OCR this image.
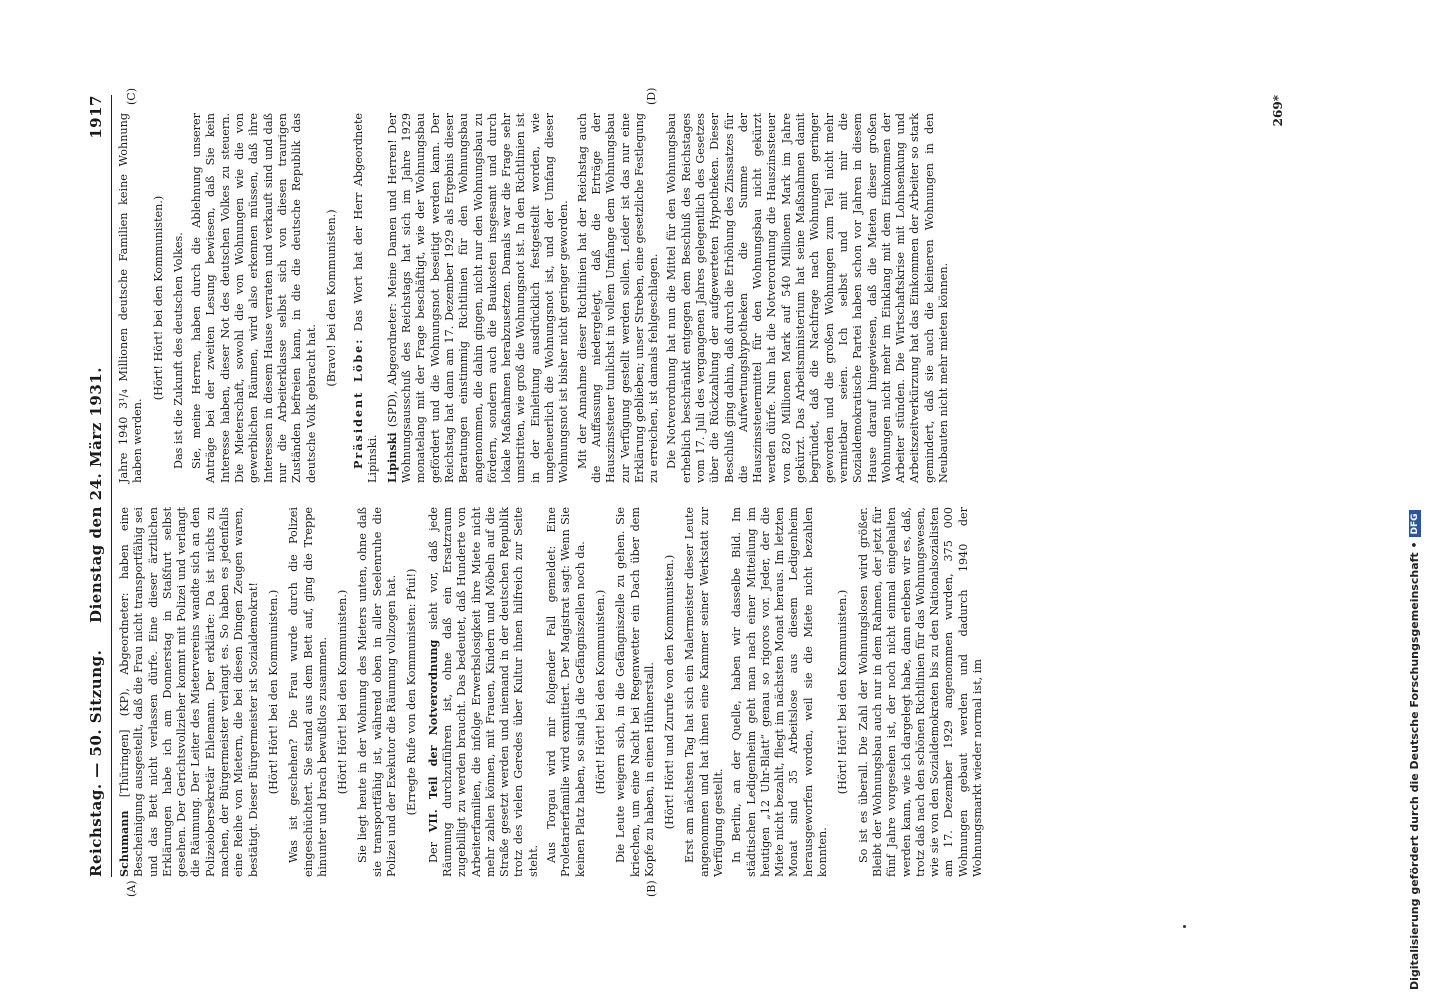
Reichstag. — 50. Sitzung.
Dienstag den 24. März 1931.
1917
(A)	(B)
(C)	(D)

Schumann [Thüringen] (KP), Abgeordneter: haben eine Bescheinigung ausgestellt, daß die Frau nicht transportfähig sei und das Bett nicht verlassen dürfe. Eine dieser ärztlichen Erklärungen habe ich am Donnerstag in Staßfurt selbst gesehen. Der Gerichtsvollzieher kommt mit Polizei und verlangt die Räumung. Der Leiter des Mietervereins wandte sich an den Polizeiobersekretär Ehlemann. Der erklärte: Da ist nichts zu machen, der Bürgermeister verlangt es. So haben es jedenfalls eine Reihe von Mietern, die bei diesen Dingen Zeugen waren, bestätigt. Dieser Bürgermeister ist Sozialdemokrat! (Hört! Hört! bei den Kommunisten.) Was ist geschehen? Die Frau wurde durch die Polizei eingeschüchtert. Sie stand aus dem Bett auf, ging die Treppe hinunter und brach bewußtlos zusammen. (Hört! Hört! bei den Kommunisten.) Sie liegt heute in der Wohnung des Mieters unten, ohne daß sie transportfähig ist, während oben in aller Seelenruhe die Polizei und der Exekutor die Räumung vollzogen hat. (Erregte Rufe von den Kommunisten: Pfui!)

Der VII. Teil der Notverordnung sieht vor, daß jede Räumung durchzuführen ist, ohne daß ein Ersatzraum zugebilligt zu werden braucht. Das bedeutet, daß Hunderte von Arbeiterfamilien, die infolge Erwerbslosigkeit ihre Miete nicht mehr zahlen können, mit Frauen, Kindern und Möbeln auf die Straße gesetzt werden und niemand in der deutschen Republik trotz des vielen Geredes über Kultur ihnen hilfreich zur Seite steht. Aus Torgau wird mir folgender Fall gemeldet: Eine Proletarierfamilie wird exmittiert. Der Magistrat sagt: Wenn Sie keinen Platz haben, so sind ja die Gefängniszellen noch da. (Hört! Hört! bei den Kommunisten.) Die Leute weigern sich, in die Gefängniszelle zu gehen. Sie kriechen, um eine Nacht bei Regenwetter ein Dach über dem Kopfe zu haben, in einen Hühnerstall. (Hört! Hört! und Zurufe von den Kommunisten.) Erst am nächsten Tag hat sich ein Malermeister dieser Leute angenommen und hat ihnen eine Kammer seiner Werkstatt zur Verfügung gestellt. In Berlin, an der Quelle, haben wir dasselbe Bild. Im städtischen Ledigenheim geht man nach einer Mitteilung im heutigen „12 Uhr-Blatt“ genau so rigoros vor. Jeder, der die Miete nicht bezahlt, fliegt im nächsten Monat heraus. Im letzten Monat sind 35 Arbeitslose aus diesem Ledigenheim herausgeworfen worden, weil sie die Miete nicht bezahlen konnten.

(Hört! Hört! bei den Kommunisten.) So ist es überall. Die Zahl der Wohnungslosen wird größer. Bleibt der Wohnungsbau auch nur in dem Rahmen, der jetzt für fünf Jahre vorgesehen ist, der noch nicht einmal eingehalten werden kann, wie ich dargelegt habe, dann erleben wir es, daß, trotz daß nach den schönen Richtlinien für das Wohnungswesen, wie sie von den Sozialdemokraten bis zu den Nationalsozialisten am 17. Dezember 1929 angenommen wurden, 375 000 Wohnungen gebaut werden und dadurch 1940 der Wohnungsmarkt wieder normal ist, im

Jahre 1940 3¹/₄ Millionen deutsche Familien keine Wohnung haben werden.

(Hört! Hört! bei den Kommunisten.) Das ist die Zukunft des deutschen Volkes. Sie, meine Herren, haben durch die Ablehnung unserer Anträge bei der zweiten Lesung bewiesen, daß Sie kein Interesse haben, dieser Not des deutschen Volkes zu steuern. Die Mieterschaft, sowohl die von Wohnungen wie die von gewerblichen Räumen, wird also erkennen müssen, daß ihre Interessen in diesem Hause verraten und verkauft sind und daß nur die Arbeiterklasse selbst sich von diesen traurigen Zuständen befreien kann, in die die deutsche Republik das deutsche Volk gebracht hat.

(Bravo! bei den Kommunisten.)

Präsident Löbe: Das Wort hat der Herr Abgeordnete Lipinski. Lipinski (SPD), Abgeordneter: Meine Damen und Herren! Der Wohnungsausschuß des Reichstags hat sich im Jahre 1929 monatelang mit der Frage beschäftigt, wie der Wohnungsbau gefördert und die Wohnungsnot beseitigt werden kann. Der Reichstag hat dann am 17. Dezember 1929 als Ergebnis dieser Beratungen einstimmig Richtlinien für den Wohnungsbau angenommen, die dahin gingen, nicht nur den Wohnungsbau zu fördern, sondern auch die Baukosten insgesamt und durch lokale Maßnahmen herabzusetzen. Damals war die Frage sehr umstritten, wie groß die Wohnungsnot ist. In den Richtlinien ist in der Einleitung ausdrücklich festgestellt worden, wie ungeheuerlich die Wohnungsnot ist, und der Umfang dieser Wohnungsnot ist bisher nicht geringer geworden. Mit der Annahme dieser Richtlinien hat der Reichstag auch die Auffassung niedergelegt, daß die Erträge der Hauszinssteuer tunlichst in vollem Umfange dem Wohnungsbau zur Verfügung gestellt werden sollen. Leider ist das nur eine Erklärung geblieben; unser Streben, eine gesetzliche Festlegung zu erreichen, ist damals fehlgeschlagen. Die Notverordnung hat nun die Mittel für den Wohnungsbau erheblich beschränkt entgegen dem Beschluß des Reichstages vom 17. Juli des vergangenen Jahres gelegentlich des Gesetzes über die Rückzahlung der aufgewerteten Hypotheken. Dieser Beschluß ging dahin, daß durch die Erhöhung des Zinssatzes für die Aufwertungshypotheken die Summe der Hauszinssteuermittel für den Wohnungsbau nicht gekürzt werden dürfe. Nun hat die Notverordnung die Hauszinssteuer von 820 Millionen Mark auf 540 Millionen Mark im Jahre gekürzt. Das Arbeitsministerium hat seine Maßnahmen damit begründet, daß die Nachfrage nach Wohnungen geringer geworden und die großen Wohnungen zum Teil nicht mehr vermietbar seien. Ich selbst und mit mir die Sozialdemokratische Partei haben schon vor Jahren in diesem Hause darauf hingewiesen, daß die Mieten dieser großen Wohnungen nicht mehr im Einklang mit dem Einkommen der Arbeiter stünden. Die Wirtschaftskrise mit Lohnsenkung und Arbeitszeitverkürzung hat das Einkommen der Arbeiter so stark gemindert, daß sie auch die kleineren Wohnungen in den Neubauten nicht mehr mieten können.

269*
Digitalisierung gefördert durch die Deutsche Forschungsgemeinschaft •DFG
